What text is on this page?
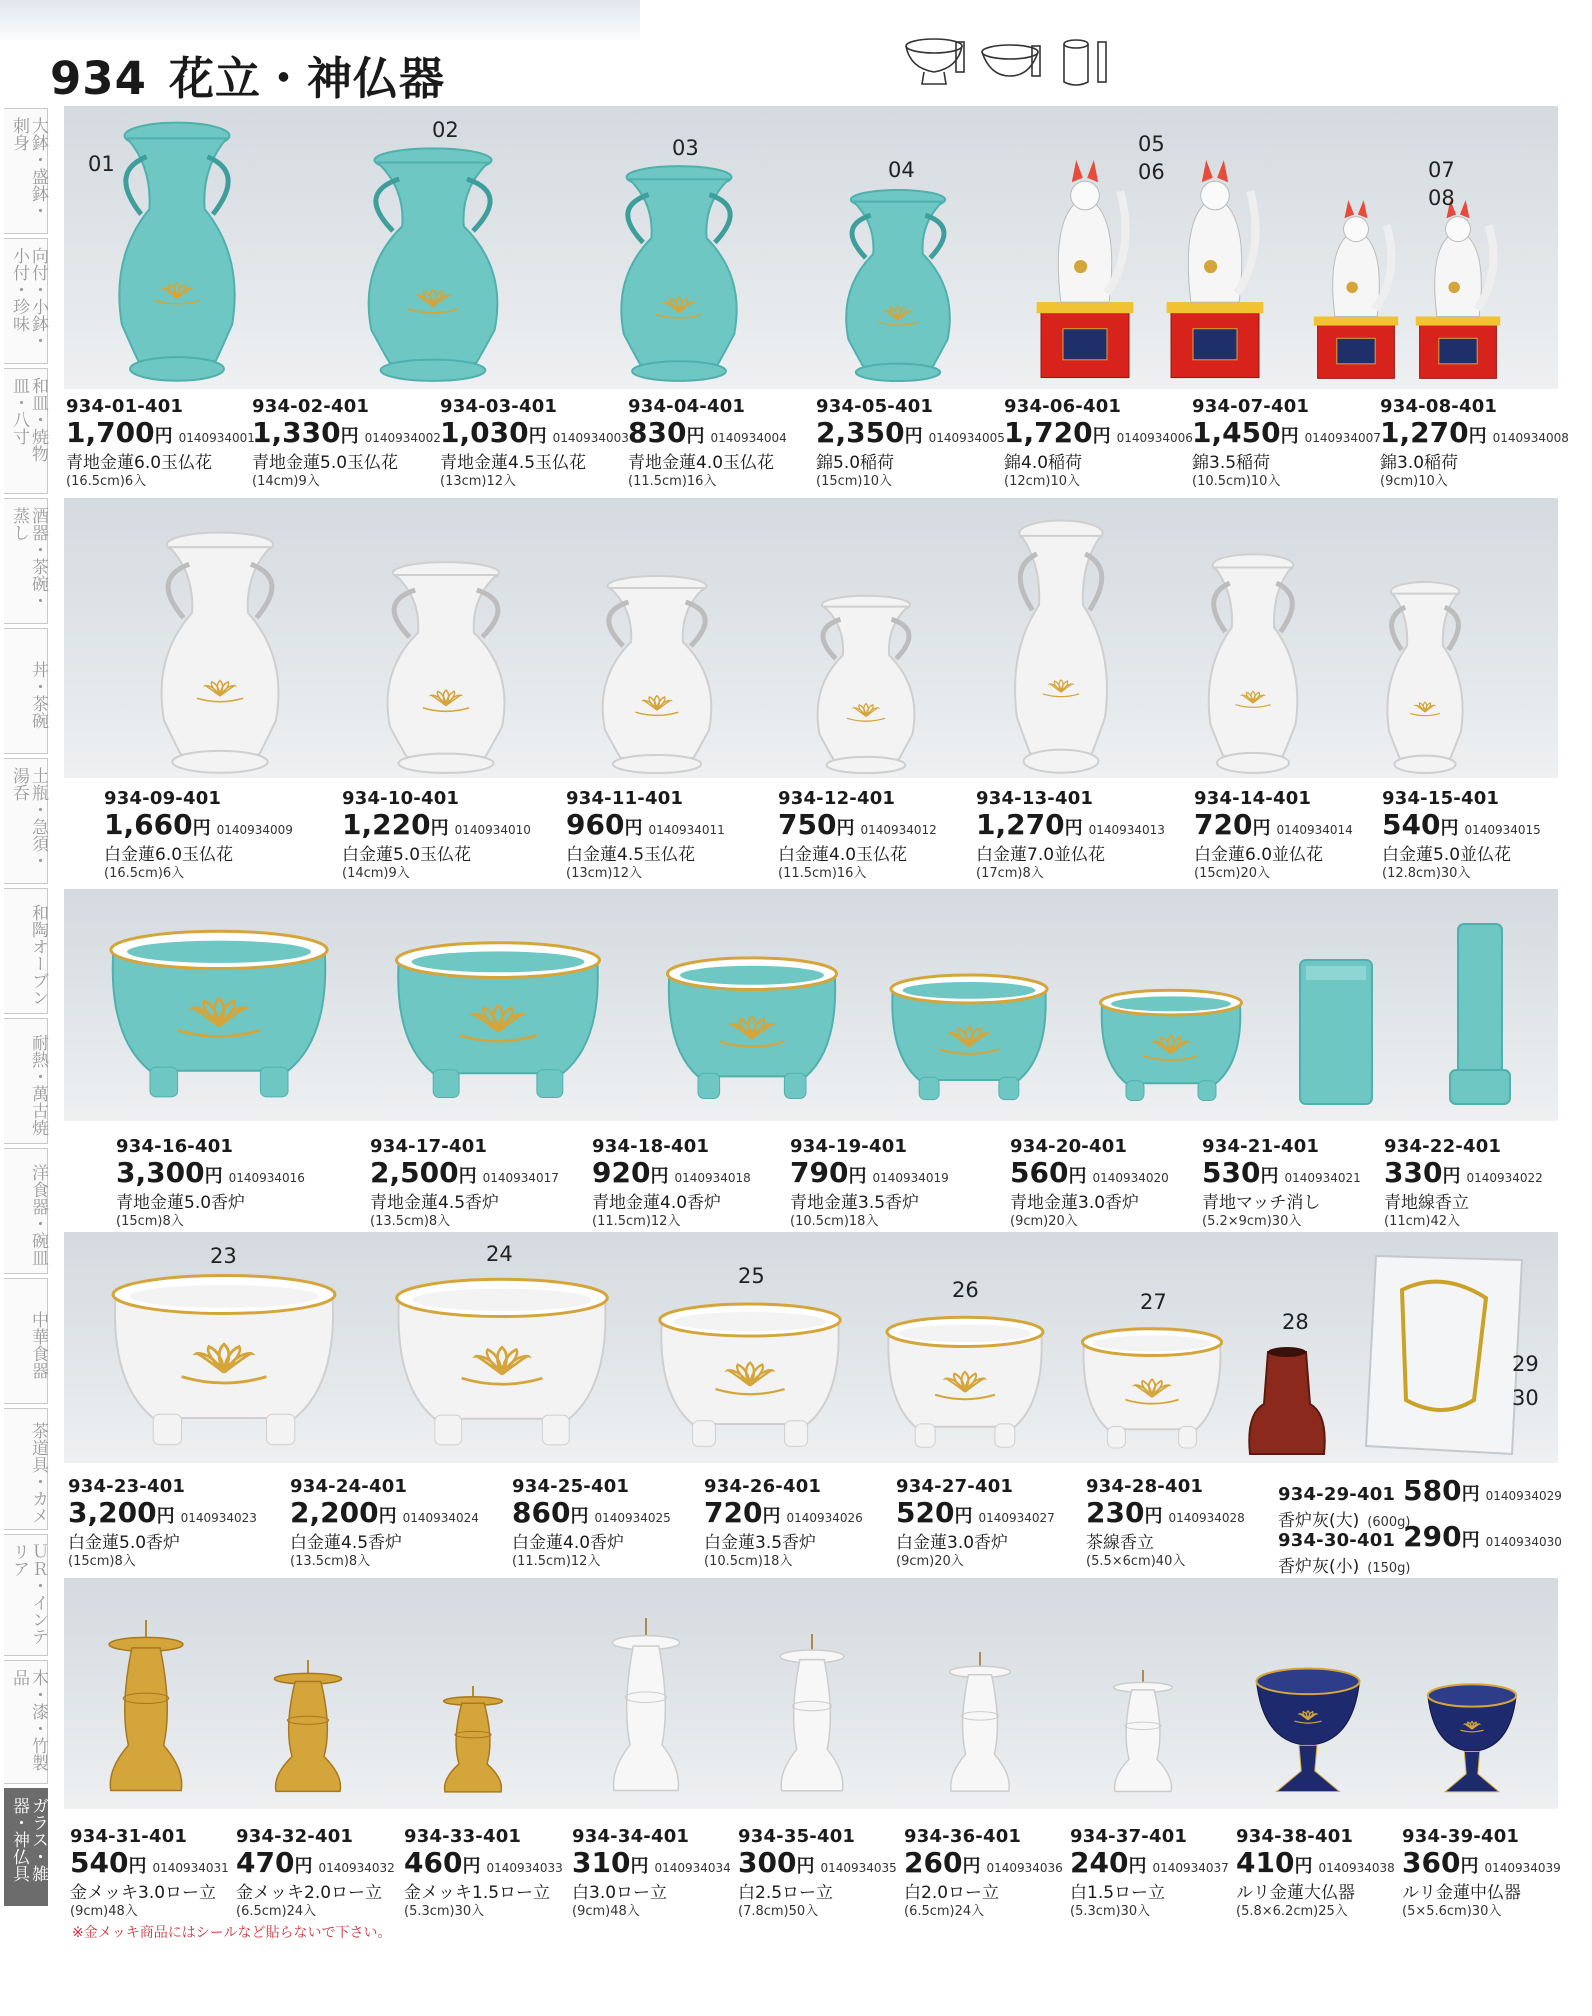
934 花立・神仏器
大鉢・盛鉢・刺身
向付・小鉢・小付・珍味
和皿・焼物皿・八寸
酒器・茶碗・蒸し
丼・茶碗
土瓶・急須・湯呑
和陶オーブン
耐熱・萬古焼
洋食器・碗皿
中華食器
茶道具・カメ
ＵＲ・インテリア
木・漆・竹製品
ガラス・雑器・神仏具
934-01-401
1,700円 0140934001
青地金蓮6.0玉仏花
(16.5cm)6入
934-02-401
1,330円 0140934002
青地金蓮5.0玉仏花
(14cm)9入
934-03-401
1,030円 0140934003
青地金蓮4.5玉仏花
(13cm)12入
934-04-401
830円 0140934004
青地金蓮4.0玉仏花
(11.5cm)16入
934-05-401
2,350円 0140934005
錦5.0稲荷
(15cm)10入
934-06-401
1,720円 0140934006
錦4.0稲荷
(12cm)10入
934-07-401
1,450円 0140934007
錦3.5稲荷
(10.5cm)10入
934-08-401
1,270円 0140934008
錦3.0稲荷
(9cm)10入
934-09-401
1,660円 0140934009
白金蓮6.0玉仏花
(16.5cm)6入
934-10-401
1,220円 0140934010
白金蓮5.0玉仏花
(14cm)9入
934-11-401
960円 0140934011
白金蓮4.5玉仏花
(13cm)12入
934-12-401
750円 0140934012
白金蓮4.0玉仏花
(11.5cm)16入
934-13-401
1,270円 0140934013
白金蓮7.0並仏花
(17cm)8入
934-14-401
720円 0140934014
白金蓮6.0並仏花
(15cm)20入
934-15-401
540円 0140934015
白金蓮5.0並仏花
(12.8cm)30入
934-16-401
3,300円 0140934016
青地金蓮5.0香炉
(15cm)8入
934-17-401
2,500円 0140934017
青地金蓮4.5香炉
(13.5cm)8入
934-18-401
920円 0140934018
青地金蓮4.0香炉
(11.5cm)12入
934-19-401
790円 0140934019
青地金蓮3.5香炉
(10.5cm)18入
934-20-401
560円 0140934020
青地金蓮3.0香炉
(9cm)20入
934-21-401
530円 0140934021
青地マッチ消し
(5.2×9cm)30入
934-22-401
330円 0140934022
青地線香立
(11cm)42入
934-23-401
3,200円 0140934023
白金蓮5.0香炉
(15cm)8入
934-24-401
2,200円 0140934024
白金蓮4.5香炉
(13.5cm)8入
934-25-401
860円 0140934025
白金蓮4.0香炉
(11.5cm)12入
934-26-401
720円 0140934026
白金蓮3.5香炉
(10.5cm)18入
934-27-401
520円 0140934027
白金蓮3.0香炉
(9cm)20入
934-28-401
230円 0140934028
茶線香立
(5.5×6cm)40入
934-31-401
540円 0140934031
金メッキ3.0ロー立
(9cm)48入
934-32-401
470円 0140934032
金メッキ2.0ロー立
(6.5cm)24入
934-33-401
460円 0140934033
金メッキ1.5ロー立
(5.3cm)30入
934-34-401
310円 0140934034
白3.0ロー立
(9cm)48入
934-35-401
300円 0140934035
白2.5ロー立
(7.8cm)50入
934-36-401
260円 0140934036
白2.0ロー立
(6.5cm)24入
934-37-401
240円 0140934037
白1.5ロー立
(5.3cm)30入
934-38-401
410円 0140934038
ルリ金蓮大仏器
(5.8×6.2cm)25入
934-39-401
360円 0140934039
ルリ金蓮中仏器
(5×5.6cm)30入
934-29-401 580円 0140934029
香炉灰(大) (600g)
934-30-401 290円 0140934030
香炉灰(小) (150g)
01
02
03
04
05
06	07
08
23	24
25
26	27
28
29
30
※金メッキ商品にはシールなど貼らないで下さい。
